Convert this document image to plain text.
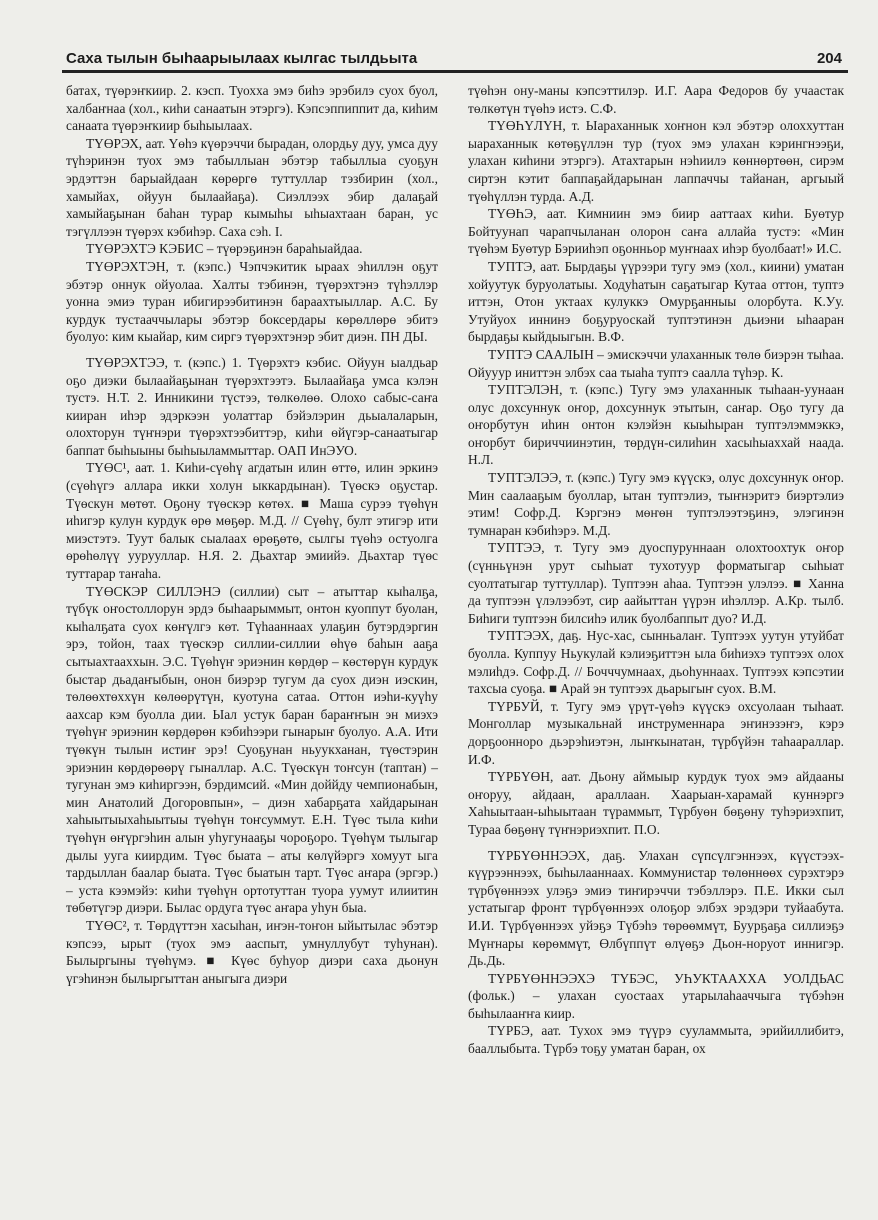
Саха тылын быһаарыылаах кылгас тылдьыта	204

батах, түөрэҥкиир. 2. кэсп. Туохха эмэ биһэ эрэбилэ суох буол, халбаҥнаа (хол., киһи санаатын этэргэ). Кэпсэппиппит да, киһим санаата түөрэҥкиир быһыылаах.

ТҮӨРЭХ, аат. Үөһэ күөрэччи бырадан, олордьу дуу, умса дуу түһэринэн туох эмэ табыллыан эбэтэр табыллыа суоҕун эрдэттэн барыайдаан көрөргө туттуллар тэзбирин (хол., хамыйах, ойуун былаайаҕа). Сиэллээх эбир далаҕай хамыйаҕынан баһан турар кымыһы ыһыахтаан баран, ус тэгүллээн түөрэх кэбиһэр. Саха сэһ. I.

ТҮӨРЭХТЭ КЭБИС – түөрэҕинэн бараһыайдаа.

ТҮӨРЭХТЭН, т. (кэпс.) Чэпчэкитик ыраах эһиллэн оҕут эбэтэр оннук ойуолаа. Халты тэбинэн, түөрэхтэнэ түһэллэр уонна эмиэ туран ибигирээбитинэн бараахтыыллар. А.С. Бу курдук тустааччылары эбэтэр боксердары көрөллөрө эбитэ буолуо: ким кыайар, ким сиргэ түөрэхтэнэр эбит диэн. ПН ДЫ.

ТҮӨРЭХТЭЭ, т. (кэпс.) 1. Түөрэхтэ кэбис. Ойуун ыалдьар оҕо диэки былаайаҕынан түөрэхтээтэ. Былаайаҕа умса кэлэн тустэ. Н.Т. 2. Инникини түстээ, төлкөлөө. Олохо сабыс-саҥа кииран иһэр эдэркээн уолаттар бэйэлэрин дьыалаларын, олохторун түҥнэри түөрэхтээбиттэр, киһи өйүгэр-санаатыгар баппат быһыыны быһыыламмыттар. ОАП ИнЭУО.

ТҮӨС¹, аат. 1. Киһи-сүөһү агдатын илин өттө, илин эркинэ (сүөһүгэ аллара икки холун ыккардынан). Түөскэ оҕустар. Түөскун мөтөт. Оҕону түөскэр көтөх. ■ Маша сурээ түөһүн иһигэр кулун курдук өрө мөҕөр. М.Д. // Сүөһү, булт этигэр ити миэстэтэ. Туут балык сыалаах өрөҕөтө, сылгы түөһэ остуолга өрөһөлүү уурууллар. Н.Я. 2. Дьахтар эмиийэ. Дьахтар түөс туттарар таҥаһа.

ТҮӨСКЭР СИЛЛЭНЭ (силлии) сыт – атыттар кыһалҕа, түбүк оҥостоллорун эрдэ быһаарыммыт, онтон куоппут буолан, кыһалҕата суох көҥүлгэ көт. Түһааннаах улаҕин бутэрдэргин эрэ, тойон, таах түөскэр силлии-силлии өһүө баһын ааҕа сытыахтааххын. Э.С. Түөһүҥ эриэнин көрдөр – көстөрүн курдук быстар дьадаҥыбын, онон биэрэр тугум да суох диэн иэскин, төлөөхтөххүн көлөөрүтүн, куотуна сатаа. Оттон иэһи-куүһу аахсар кэм буолла дии. Ыал устук баран бараҥҥын эн миэхэ түөһүҥ эриэнин көрдөрөн кэбиһээри гынарыҥ буолуо. А.А. Ити түөкүн тылын истиҥ эрэ! Суоҕунан ньуукханан, түөстэрин эриэнин көрдөрөөрү гыналлар. А.С. Түөскүн тоҥсун (таптан) – тугунан эмэ киһиргээн, бэрдимсий. «Мин доййду чемпионабын, мин Анатолий Догоровпын», – диэн хабарҕата хайдарынан хаһыытыыхаһыытыы түөһүн тоҥсуммут. Е.Н. Түөс тыла киһи түөһүн өҥүргэһин алын уһугунааҕы чороҕоро. Түөһүм тылыгар дылы ууга киирдим. Түөс быата – аты көлүйэргэ хомуут ыга тардыллан баалар быата. Түөс быатын тарт. Түөс аҥара (эргэр.) – уста кээмэйэ: киһи түөһүн ортотуттан туора уумут илиитин төбөтүгэр диэри. Былас ордуга түөс аҥара уһун быа.

ТҮӨС², т. Төрдүттэн хасыһан, иҥэн-тоҥон ыйытылас эбэтэр кэпсээ, ырыт (туох эмэ ааспыт, умнуллубут туһунан). Былыргыны түөһүмэ. ■ Күөс буһуор диэри саха дьонун үгэһинэн былыргыттан аныгыга диэри

түөһэн ону-маны кэпсэттилэр. И.Г. Аара Федоров бу учаастак төлкөтүн түөһэ истэ. С.Ф.

ТҮӨҺҮЛҮН, т. Ыараханнык хоҥнон кэл эбэтэр олоххуттан ыараханнык көтөҕүллэн тур (туох эмэ улахан кэрингнээҕи, улахан киһини этэргэ). Атахтарын нэһиилэ көннөртөөн, сирэм сиртэн кэтит баппаҕайдарынан лаппаччы тайанан, аргыый түөһүллэн турда. А.Д.

ТҮӨҺЭ, аат. Кимниин эмэ биир ааттаах киһи. Буөтур Бойтуунап чарапчыланан олорон саҥа аллайа тустэ: «Мин түөһэм Буөтур Бэрииһэп оҕонньор муҥнаах иһэр буолбаат!» И.С.

ТУПТЭ, аат. Бырдаҕы үүрээри тугу эмэ (хол., киини) уматан хойуутук буруолатыы. Ходуһатын саҕатыгар Кутаа оттон, туптэ иттэн, Отон уктаах кулуккэ Омурҕанныы олорбута. К.Уу. Утуйуох иннинэ боҕуруоскай туптэтинэн дьиэни ыһааран бырдаҕы кыйдыыгын. В.Ф.

ТУПТЭ СААЛЫН – эмискэччи улаханнык төлө биэрэн тыһаа. Ойууур иниттэн элбэх саа тыаһа туптэ саалла түһэр. К.

ТУПТЭЛЭН, т. (кэпс.) Тугу эмэ улаханнык тыһаан-уунаан олус дохсуннук оҥор, дохсуннук этытын, саҥар. Оҕо тугу да оҥорбутун иһин онтон кэлэйэн кыыһыран туптэлэммэккэ, оҥорбут бириччиинэтин, төрдүн-силиһин хасыһыаххай наада. Н.Л.

ТУПТЭЛЭЭ, т. (кэпс.) Тугу эмэ күүскэ, олус дохсуннук оҥор. Мин саалааҕым буоллар, ытан туптэлиэ, тыҥнэритэ биэртэлиэ этим! Софр.Д. Кэргэнэ мөҥөн туптэлээтэҕинэ, элэгинэн тумнаран кэбиһэрэ. М.Д.

ТУПТЭЭ, т. Тугу эмэ дуоспуруннаан олохтоохтук оҥор (сүнньүнэн урут сыһыат тухотуур форматыгар сыһыат суолтатыгар туттуллар). Туптээн аһаа. Туптээн улэлээ. ■ Ханна да туптээн үлэлээбэт, сир аайыттан үүрэн иһэллэр. А.Кр. тылб. Биһиги туптээн билсиһэ илик буолбаппыт дуо? И.Д.

ТУПТЭЭХ, даҕ. Нус-хас, сынньалаҥ. Туптээх уутун утуйбат буолла. Куппуу Ньукулай кэлиэҕиттэн ыла биһиэхэ туптээх олох мэлиһдэ. Софр.Д. // Бочччумнаах, дьоһуннаах. Туптээх кэпсэтии тахсыа суоҕа. ■ Арай эн туптээх дьарыгыҥ суох. В.М.

ТҮРБУЙ, т. Тугу эмэ үрүт-үөһэ күүскэ охсуолаан тыһаат. Монголлар музыкальнай инструменнара эҥинэзэҥэ, кэрэ дорҕоонноро дьэрэһиэтэн, лыҥкынатан, түрбүйэн таһаараллар. И.Ф.

ТҮРБҮӨН, аат. Дьону аймыыр курдук туох эмэ айдааны оҥоруу, айдаан, араллаан. Хаарыан-харамай куннэргэ Хаһыытаан-ыһыытаан түраммыт, Түрбуөн бөҕөну туһэриэхпит, Тураа бөҕөнү түҥнэриэхпит. П.О.

ТҮРБҮӨННЭЭХ, даҕ. Улахан сүпсүлгэннээх, күүстээх-күүрээннээх, быһылааннаах. Коммунистар төлөннөөх сурэхтэрэ түрбүөннээх улэҕэ эмиэ тиҥирэччи тэбэллэрэ. П.Е. Икки сыл устатыгар фронт түрбүөннээх олоҕор элбэх эрэдэри туйаабута. И.И. Түрбүөннээх уйэҕэ Түбэһэ төрөөммүт, Буурҕаҕа силлиэҕэ Мүҥнары көрөммүт, Өлбүппүт өлүөҕэ Дьон-норуот иннигэр. Дь.Дь.

ТҮРБҮӨННЭЭХЭ ТҮБЭС, УҺУКТААХХА УОЛДЬАС (фольк.) – улахан суостаах утарылаһааччыга түбэһэн быһылааҥҥа киир.

ТҮРБЭ, аат. Тухох эмэ түүрэ сууламмыта, эрийиллибитэ, бааллыбыта. Түрбэ тоҕу уматан баран, ох
